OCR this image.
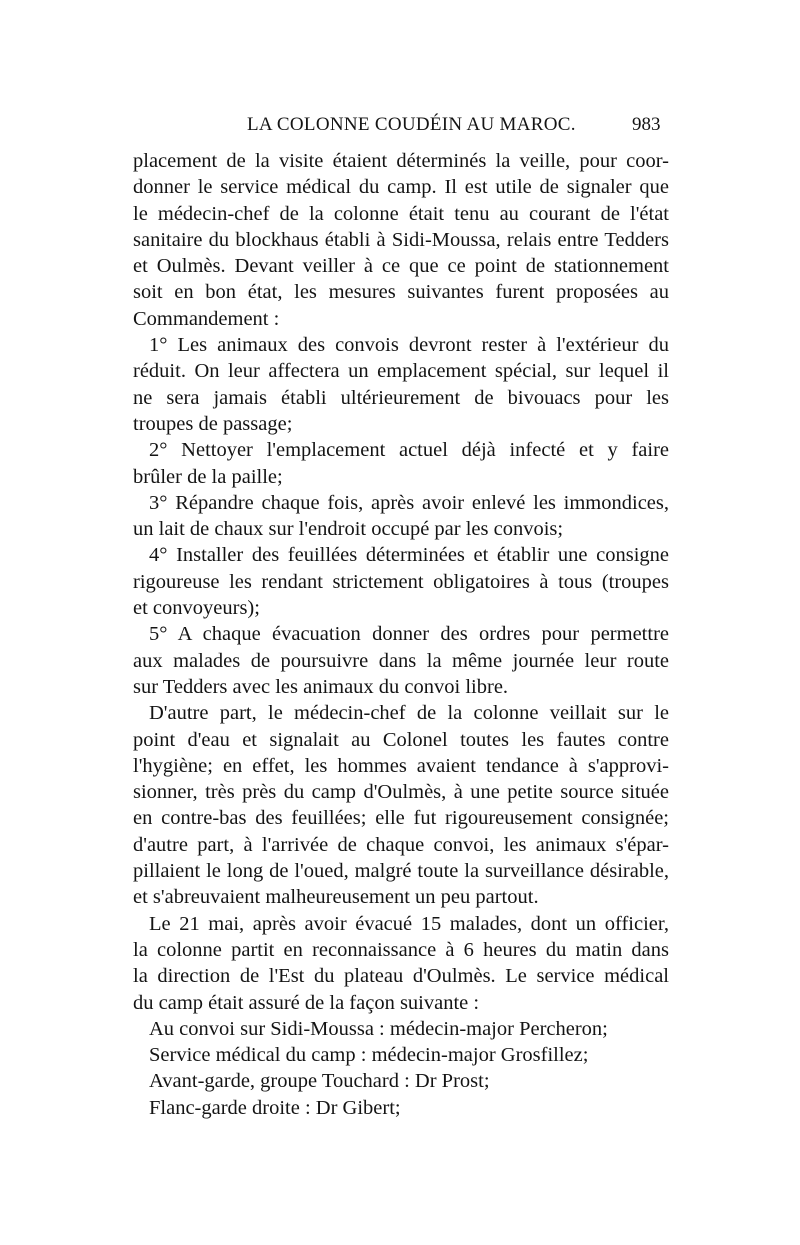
LA COLONNE COUDÉIN AU MAROC.	983
placement de la visite étaient déterminés la veille, pour coor-
donner le service médical du camp. Il est utile de signaler que
le médecin-chef de la colonne était tenu au courant de l'état
sanitaire du blockhaus établi à Sidi-Moussa, relais entre Tedders
et Oulmès. Devant veiller à ce que ce point de stationnement
soit en bon état, les mesures suivantes furent proposées au
Commandement :
1° Les animaux des convois devront rester à l'extérieur du
réduit. On leur affectera un emplacement spécial, sur lequel il
ne sera jamais établi ultérieurement de bivouacs pour les
troupes de passage;
2° Nettoyer l'emplacement actuel déjà infecté et y faire
brûler de la paille;
3° Répandre chaque fois, après avoir enlevé les immondices,
un lait de chaux sur l'endroit occupé par les convois;
4° Installer des feuillées déterminées et établir une consigne
rigoureuse les rendant strictement obligatoires à tous (troupes
et convoyeurs);
5° A chaque évacuation donner des ordres pour permettre
aux malades de poursuivre dans la même journée leur route
sur Tedders avec les animaux du convoi libre.
D'autre part, le médecin-chef de la colonne veillait sur le
point d'eau et signalait au Colonel toutes les fautes contre
l'hygiène; en effet, les hommes avaient tendance à s'approvi-
sionner, très près du camp d'Oulmès, à une petite source située
en contre-bas des feuillées; elle fut rigoureusement consignée;
d'autre part, à l'arrivée de chaque convoi, les animaux s'épar-
pillaient le long de l'oued, malgré toute la surveillance désirable,
et s'abreuvaient malheureusement un peu partout.
Le 21 mai, après avoir évacué 15 malades, dont un officier,
la colonne partit en reconnaissance à 6 heures du matin dans
la direction de l'Est du plateau d'Oulmès. Le service médical
du camp était assuré de la façon suivante :
Au convoi sur Sidi-Moussa : médecin-major Percheron;
Service médical du camp : médecin-major Grosfillez;
Avant-garde, groupe Touchard : Dr Prost;
Flanc-garde droite : Dr Gibert;
